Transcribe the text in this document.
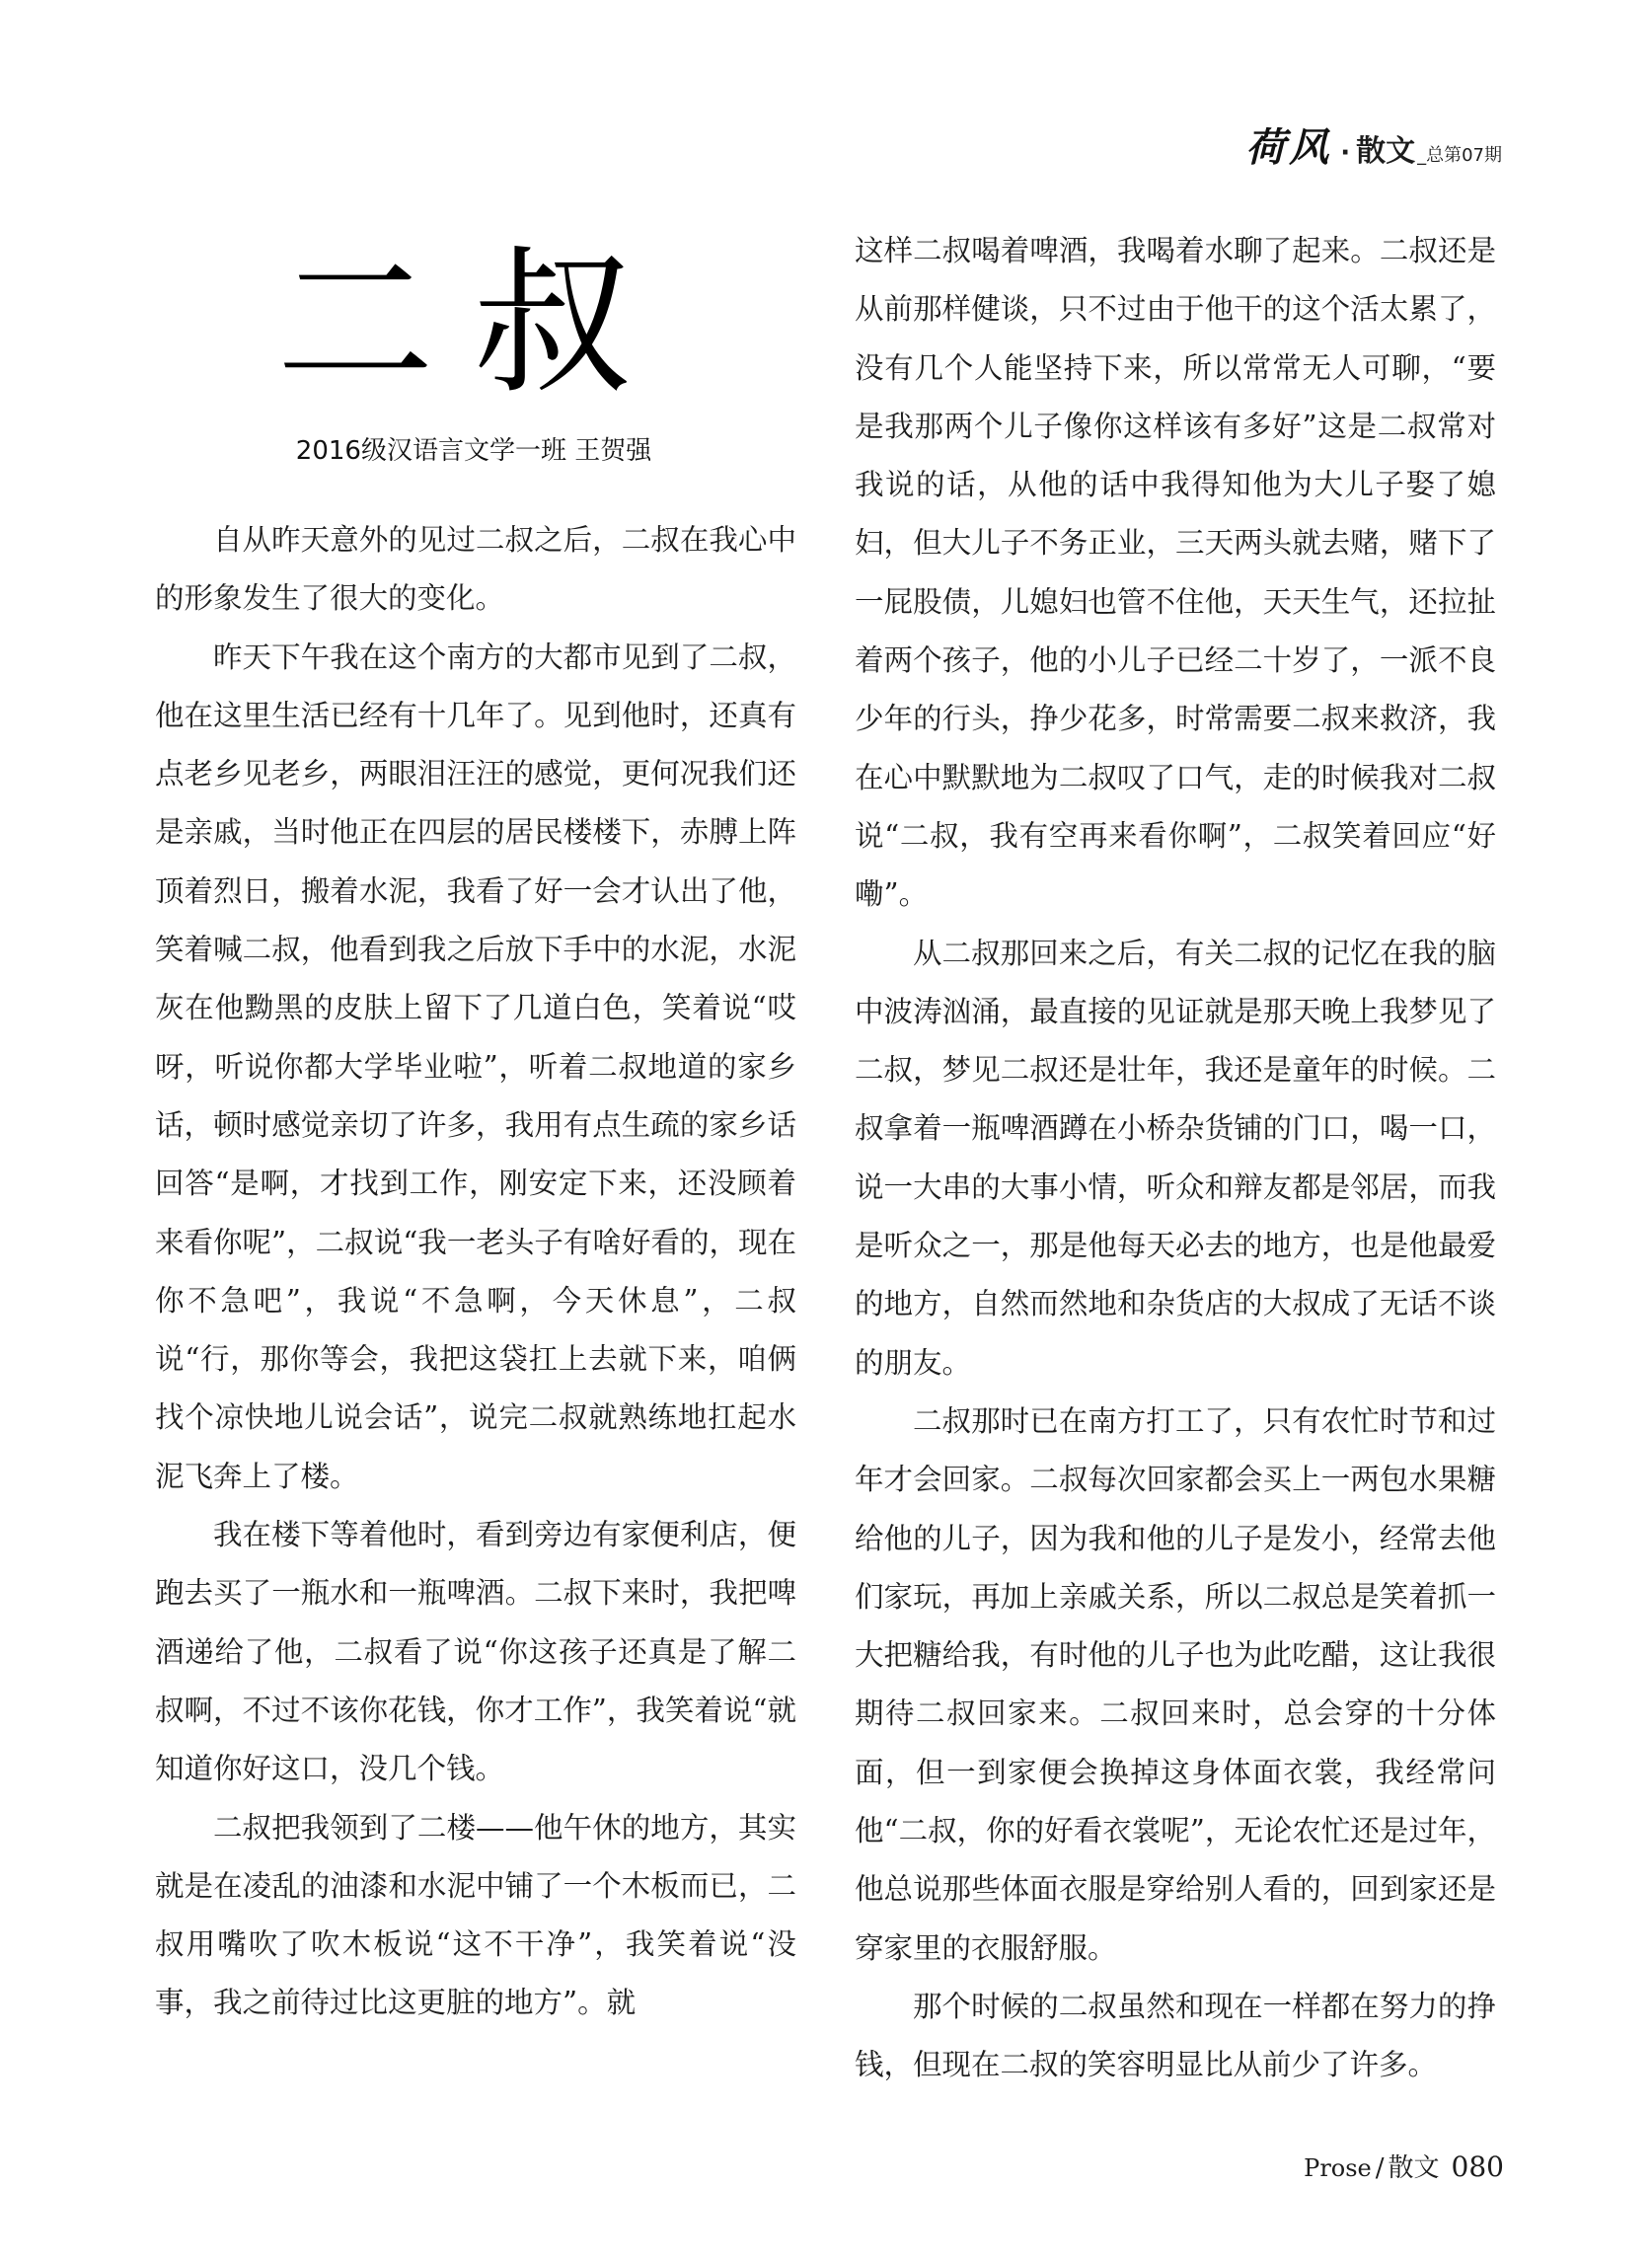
荷风 · 散文 _总第07期
二叔
2016级汉语言文学一班 王贺强

自从昨天意外的见过二叔之后，二叔在我心中的形象发生了很大的变化。

昨天下午我在这个南方的大都市见到了二叔，他在这里生活已经有十几年了。见到他时，还真有点老乡见老乡，两眼泪汪汪的感觉，更何况我们还是亲戚，当时他正在四层的居民楼楼下，赤膊上阵顶着烈日，搬着水泥，我看了好一会才认出了他，笑着喊二叔，他看到我之后放下手中的水泥，水泥灰在他黝黑的皮肤上留下了几道白色，笑着说“哎呀，听说你都大学毕业啦”，听着二叔地道的家乡话，顿时感觉亲切了许多，我用有点生疏的家乡话回答“是啊，才找到工作，刚安定下来，还没顾着来看你呢”，二叔说“我一老头子有啥好看的，现在你不急吧”，我说“不急啊，今天休息”，二叔说“行，那你等会，我把这袋扛上去就下来，咱俩找个凉快地儿说会话”，说完二叔就熟练地扛起水泥飞奔上了楼。

我在楼下等着他时，看到旁边有家便利店，便跑去买了一瓶水和一瓶啤酒。二叔下来时，我把啤酒递给了他，二叔看了说“你这孩子还真是了解二叔啊，不过不该你花钱，你才工作”，我笑着说“就知道你好这口，没几个钱。

二叔把我领到了二楼——他午休的地方，其实就是在凌乱的油漆和水泥中铺了一个木板而已，二叔用嘴吹了吹木板说“这不干净”，我笑着说“没事，我之前待过比这更脏的地方”。就

这样二叔喝着啤酒，我喝着水聊了起来。二叔还是从前那样健谈，只不过由于他干的这个活太累了，没有几个人能坚持下来，所以常常无人可聊，“要是我那两个儿子像你这样该有多好”这是二叔常对我说的话，从他的话中我得知他为大儿子娶了媳妇，但大儿子不务正业，三天两头就去赌，赌下了一屁股债，儿媳妇也管不住他，天天生气，还拉扯着两个孩子，他的小儿子已经二十岁了，一派不良少年的行头，挣少花多，时常需要二叔来救济，我在心中默默地为二叔叹了口气，走的时候我对二叔说“二叔，我有空再来看你啊”，二叔笑着回应“好嘞”。

从二叔那回来之后，有关二叔的记忆在我的脑中波涛汹涌，最直接的见证就是那天晚上我梦见了二叔，梦见二叔还是壮年，我还是童年的时候。二叔拿着一瓶啤酒蹲在小桥杂货铺的门口，喝一口，说一大串的大事小情，听众和辩友都是邻居，而我是听众之一，那是他每天必去的地方，也是他最爱的地方，自然而然地和杂货店的大叔成了无话不谈的朋友。

二叔那时已在南方打工了，只有农忙时节和过年才会回家。二叔每次回家都会买上一两包水果糖给他的儿子，因为我和他的儿子是发小，经常去他们家玩，再加上亲戚关系，所以二叔总是笑着抓一大把糖给我，有时他的儿子也为此吃醋，这让我很期待二叔回家来。二叔回来时，总会穿的十分体面，但一到家便会换掉这身体面衣裳，我经常问他“二叔，你的好看衣裳呢”，无论农忙还是过年，他总说那些体面衣服是穿给别人看的，回到家还是穿家里的衣服舒服。

那个时候的二叔虽然和现在一样都在努力的挣钱，但现在二叔的笑容明显比从前少了许多。

Prose / 散文 080
